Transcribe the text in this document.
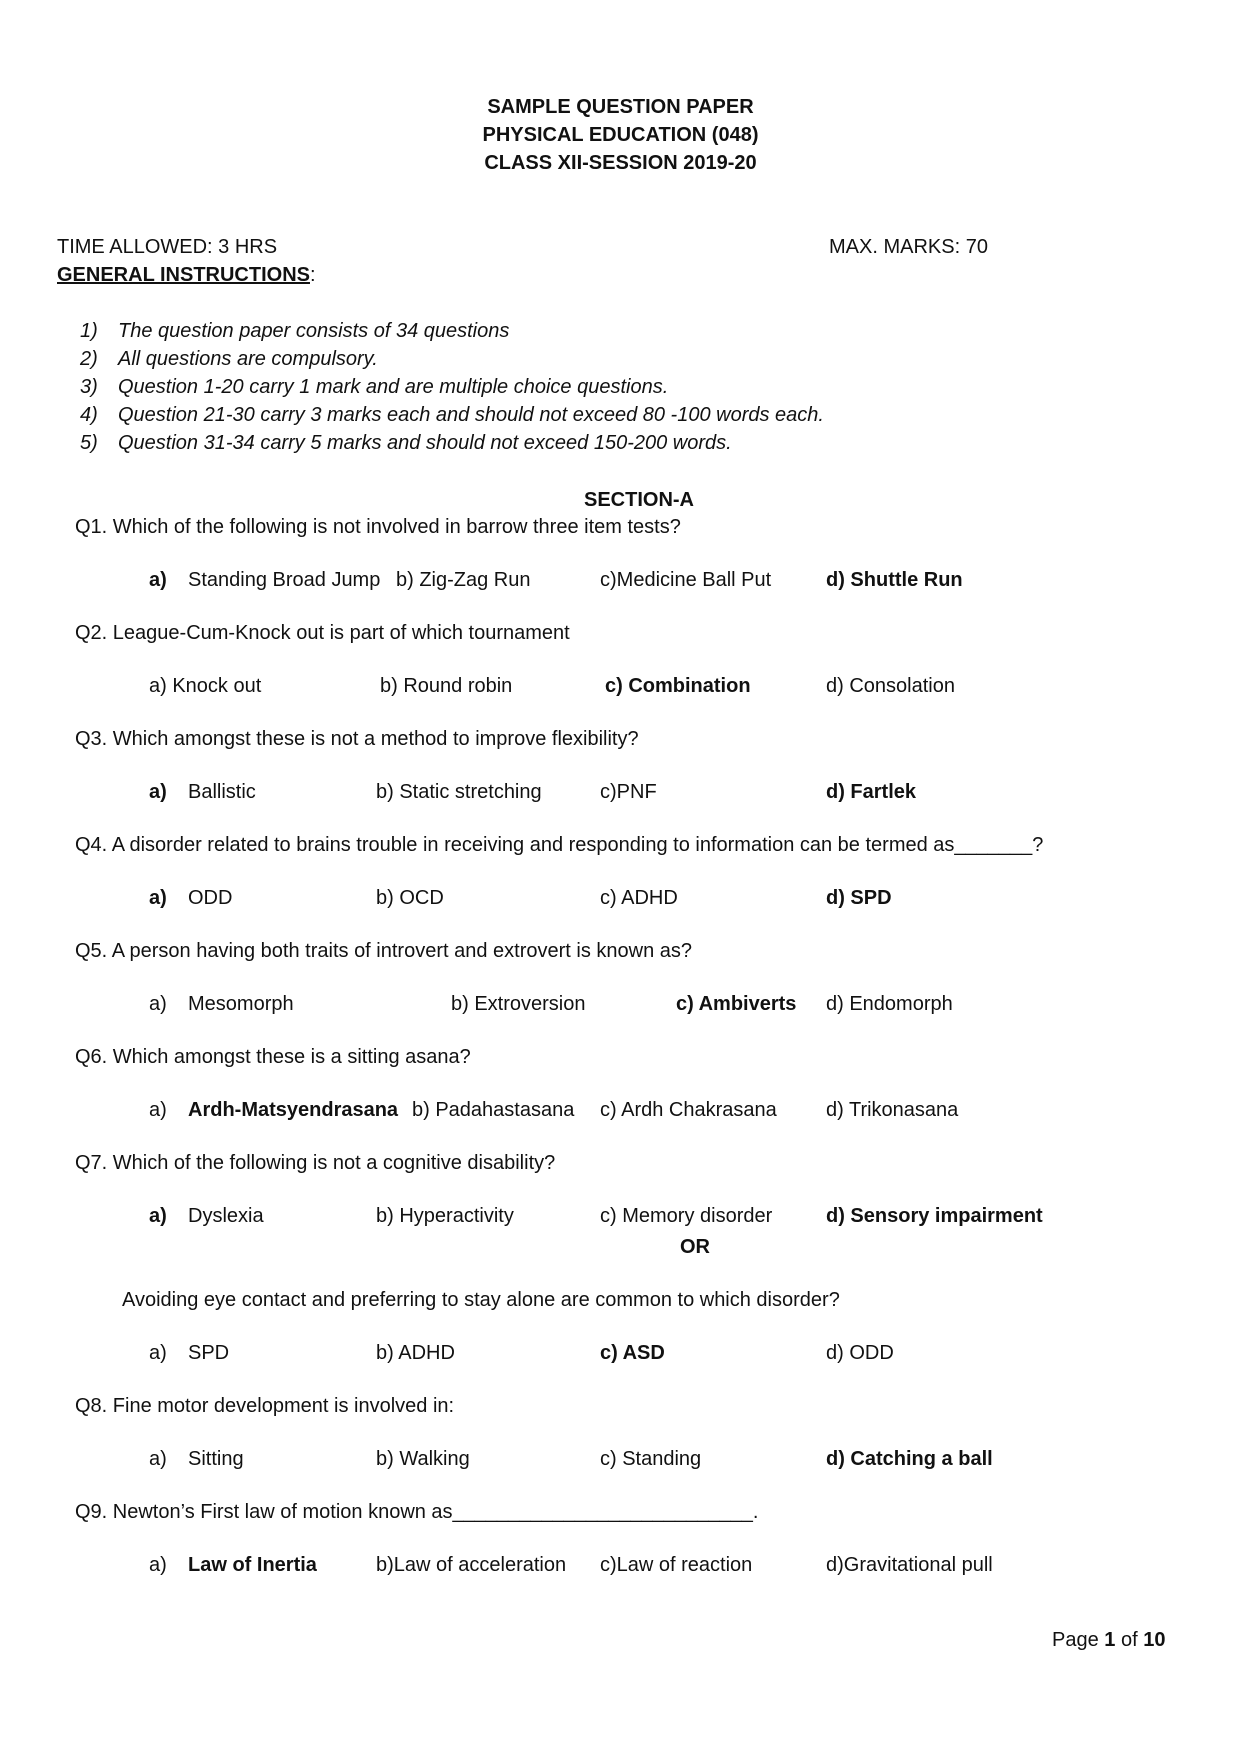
SAMPLE QUESTION PAPER
PHYSICAL EDUCATION (048)
CLASS XII-SESSION 2019-20
TIME ALLOWED: 3 HRS	MAX. MARKS: 70
GENERAL INSTRUCTIONS:
1)	The question paper consists of 34 questions
2)	All questions are compulsory.
3)	Question 1-20 carry 1 mark and are multiple choice questions.
4)	Question 21-30 carry 3 marks each and should not exceed 80 -100 words each.
5)	Question 31-34 carry 5 marks and should not exceed 150-200 words.
SECTION-A
Q1. Which of the following is not involved in barrow three item tests?
a) Standing Broad Jump b) Zig-Zag Run	c)Medicine Ball Put	d) Shuttle Run
Q2. League-Cum-Knock out is part of which tournament
a) Knock out	b) Round robin	c) Combination	d) Consolation
Q3. Which amongst these is not a method to improve flexibility?
a) Ballistic	b) Static stretching	c)PNF	d) Fartlek
Q4. A disorder related to brains trouble in receiving and responding to information can be termed as_______?
a) ODD	b) OCD	c) ADHD	d) SPD
Q5. A person having both traits of introvert and extrovert is known as?
a) Mesomorph	b) Extroversion	c) Ambiverts d) Endomorph
Q6. Which amongst these is a sitting asana?
a) Ardh-Matsyendrasana b) Padahastasana c) Ardh Chakrasana d) Trikonasana
Q7. Which of the following is not a cognitive disability?
a) Dyslexia	b) Hyperactivity	c) Memory disorder	d) Sensory impairment
OR
Avoiding eye contact and preferring to stay alone are common to which disorder?
a) SPD	b) ADHD	c) ASD	d) ODD
Q8. Fine motor development is involved in:
a) Sitting	b) Walking	c) Standing	d) Catching a ball
Q9. Newton’s First law of motion known as___________________________.
a) Law of Inertia	b)Law of acceleration c)Law of reaction	d)Gravitational pull
Page 1 of 10
